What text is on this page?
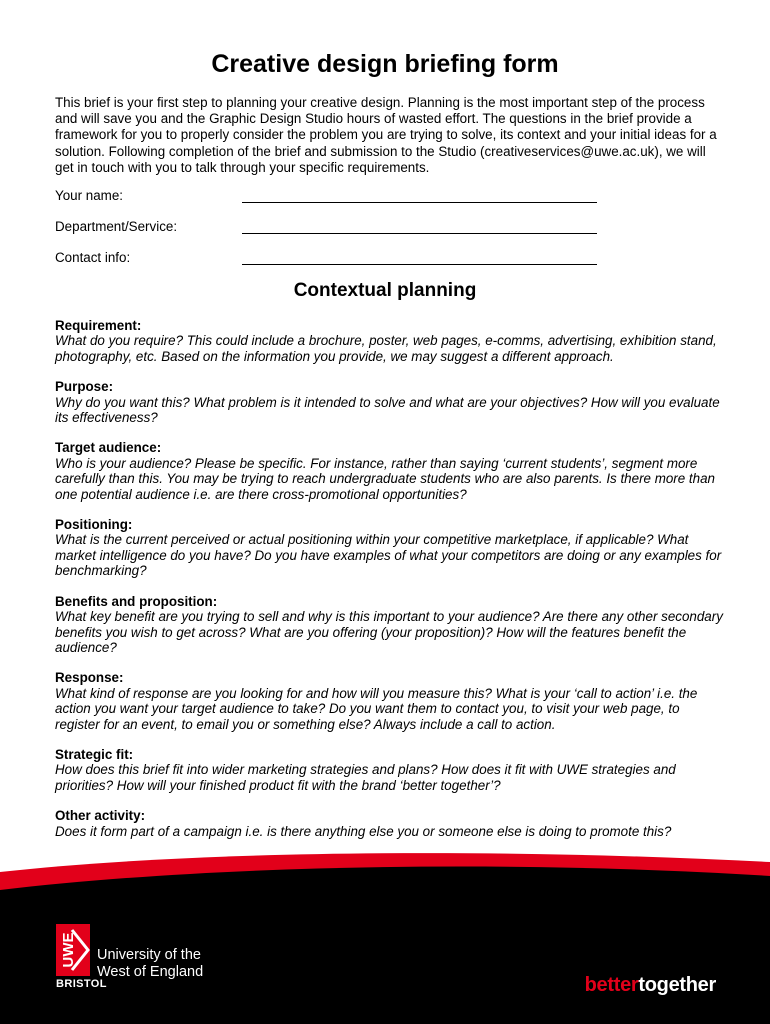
Creative design briefing form

This brief is your first step to planning your creative design. Planning is the most important step of the process and will save you and the Graphic Design Studio hours of wasted effort. The questions in the brief provide a framework for you to properly consider the problem you are trying to solve, its context and your initial ideas for a solution. Following completion of the brief and submission to the Studio (creativeservices@uwe.ac.uk), we will get in touch with you to talk through your specific requirements.

Your name:
Department/Service:
Contact info:
Contextual planning
Requirement:
What do you require? This could include a brochure, poster, web pages, e-comms, advertising, exhibition stand, photography, etc. Based on the information you provide, we may suggest a different approach.
Purpose:
Why do you want this? What problem is it intended to solve and what are your objectives? How will you evaluate its effectiveness?
Target audience:
Who is your audience? Please be specific. For instance, rather than saying ‘current students’, segment more carefully than this. You may be trying to reach undergraduate students who are also parents. Is there more than one potential audience i.e. are there cross-promotional opportunities?
Positioning:
What is the current perceived or actual positioning within your competitive marketplace, if applicable? What market intelligence do you have? Do you have examples of what your competitors are doing or any examples for benchmarking?
Benefits and proposition:
What key benefit are you trying to sell and why is this important to your audience? Are there any other secondary benefits you wish to get across? What are you offering (your proposition)? How will the features benefit the audience?
Response:
What kind of response are you looking for and how will you measure this? What is your ‘call to action’ i.e. the action you want your target audience to take? Do you want them to contact you, to visit your web page, to register for an event, to email you or something else? Always include a call to action.
Strategic fit:
How does this brief fit into wider marketing strategies and plans? How does it fit with UWE strategies and priorities? How will your finished product fit with the brand ‘better together’?
Other activity:
Does it form part of a campaign i.e. is there anything else you or someone else is doing to promote this?
UWE University of the
West of England
BRISTOL	bettertogether
